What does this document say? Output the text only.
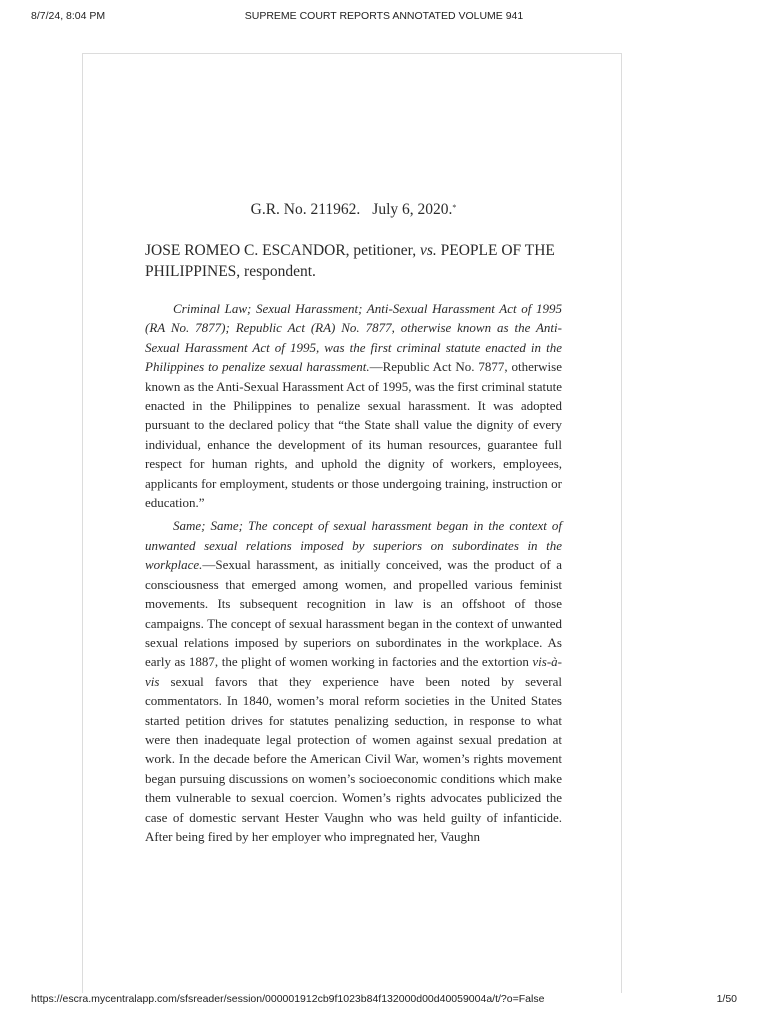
8/7/24, 8:04 PM	SUPREME COURT REPORTS ANNOTATED VOLUME 941

G.R. No. 211962. July 6, 2020.*

JOSE ROMEO C. ESCANDOR, petitioner, vs. PEOPLE OF THE PHILIPPINES, respondent.

Criminal Law; Sexual Harassment; Anti-Sexual Harassment Act of 1995 (RA No. 7877); Republic Act (RA) No. 7877, otherwise known as the Anti-Sexual Harassment Act of 1995, was the first criminal statute enacted in the Philippines to penalize sexual harassment.—Republic Act No. 7877, otherwise known as the Anti-Sexual Harassment Act of 1995, was the first criminal statute enacted in the Philippines to penalize sexual harassment. It was adopted pursuant to the declared policy that “the State shall value the dignity of every individual, enhance the development of its human resources, guarantee full respect for human rights, and uphold the dignity of workers, employees, applicants for employment, students or those undergoing training, instruction or education.”

Same; Same; The concept of sexual harassment began in the context of unwanted sexual relations imposed by superiors on subordinates in the workplace.—Sexual harassment, as initially conceived, was the product of a consciousness that emerged among women, and propelled various feminist movements. Its subsequent recognition in law is an offshoot of those campaigns. The concept of sexual harassment began in the context of unwanted sexual relations imposed by superiors on subordinates in the workplace. As early as 1887, the plight of women working in factories and the extortion vis-à-vis sexual favors that they experience have been noted by several commentators. In 1840, women’s moral reform societies in the United States started petition drives for statutes penalizing seduction, in response to what were then inadequate legal protection of women against sexual predation at work. In the decade before the American Civil War, women’s rights movement began pursuing discussions on women’s socioeconomic conditions which make them vulnerable to sexual coercion. Women’s rights advocates publicized the case of domestic servant Hester Vaughn who was held guilty of infanticide. After being fired by her employer who impregnated her, Vaughn

https://escra.mycentralapp.com/sfsreader/session/000001912cb9f1023b84f132000d00d40059004a/t/?o=False	1/50
